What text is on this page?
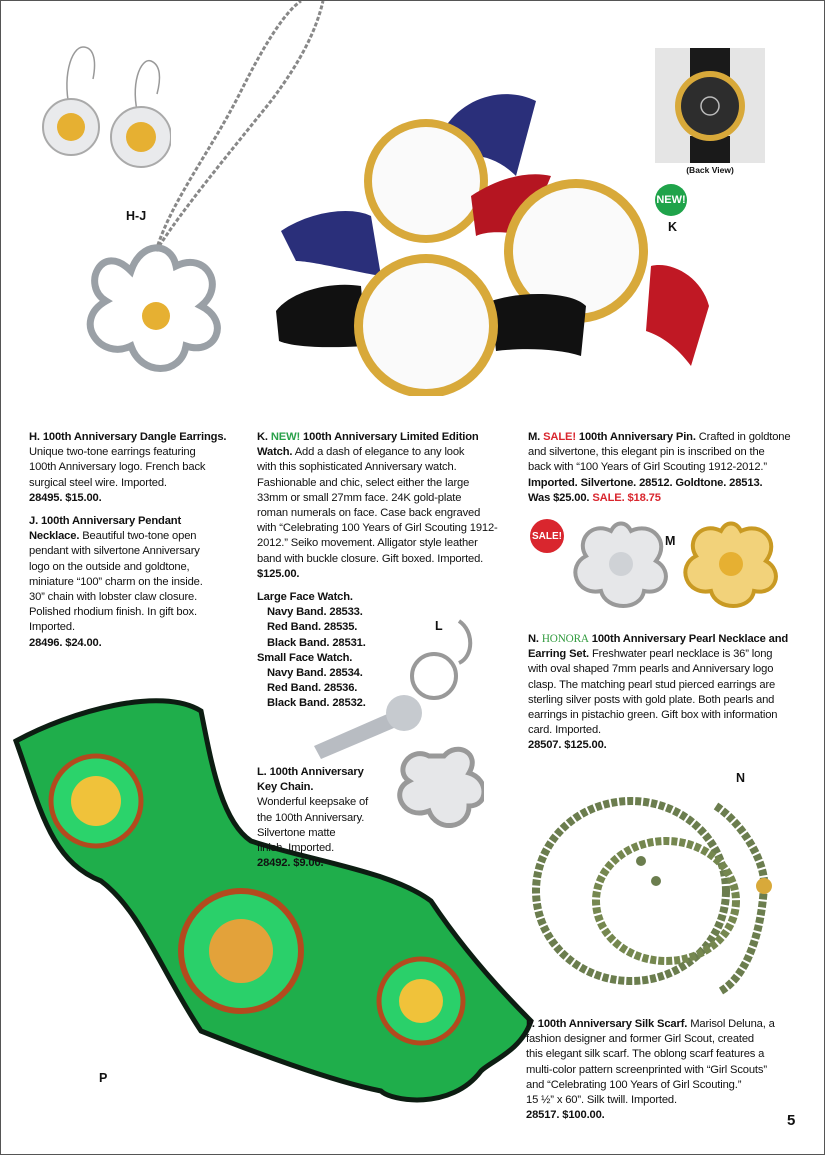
(Back View)
NEW!
H-J
K
L
M
N
P
SALE!
H. 100th Anniversary Dangle Earrings.
Unique two-tone earrings featuring
100th Anniversary logo. French back
surgical steel wire. Imported.
28495. $15.00.
J. 100th Anniversary Pendant
Necklace. Beautiful two-tone open
pendant with silvertone Anniversary
logo on the outside and goldtone,
miniature “100” charm on the inside.
30” chain with lobster claw closure.
Polished rhodium finish. In gift box.
Imported.
28496. $24.00.
K. NEW! 100th Anniversary Limited Edition
Watch. Add a dash of elegance to any look
with this sophisticated Anniversary watch.
Fashionable and chic, select either the large
33mm or small 27mm face. 24K gold-plate
roman numerals on face. Case back engraved
with “Celebrating 100 Years of Girl Scouting 1912-
2012.” Seiko movement. Alligator style leather
band with buckle closure. Gift boxed. Imported.
$125.00.
Large Face Watch.
Navy Band. 28533.
Red Band. 28535.
Black Band. 28531.
Small Face Watch.
Navy Band. 28534.
Red Band. 28536.
Black Band. 28532.
L. 100th Anniversary
Key Chain.
Wonderful keepsake of
the 100th Anniversary.
Silvertone matte
finish. Imported.
28492. $9.00.
M. SALE! 100th Anniversary Pin. Crafted in goldtone
and silvertone, this elegant pin is inscribed on the
back with “100 Years of Girl Scouting 1912-2012.”
Imported. Silvertone. 28512. Goldtone. 28513.
Was $25.00. SALE. $18.75
N. HONORA 100th Anniversary Pearl Necklace and
Earring Set. Freshwater pearl necklace is 36” long
with oval shaped 7mm pearls and Anniversary logo
clasp. The matching pearl stud pierced earrings are
sterling silver posts with gold plate. Both pearls and
earrings in pistachio green. Gift box with information
card. Imported.
28507. $125.00.
P. 100th Anniversary Silk Scarf. Marisol Deluna, a
fashion designer and former Girl Scout, created
this elegant silk scarf. The oblong scarf features a
multi-color pattern screenprinted with “Girl Scouts”
and “Celebrating 100 Years of Girl Scouting.”
15 ½” x 60”. Silk twill. Imported.
28517. $100.00.	5
